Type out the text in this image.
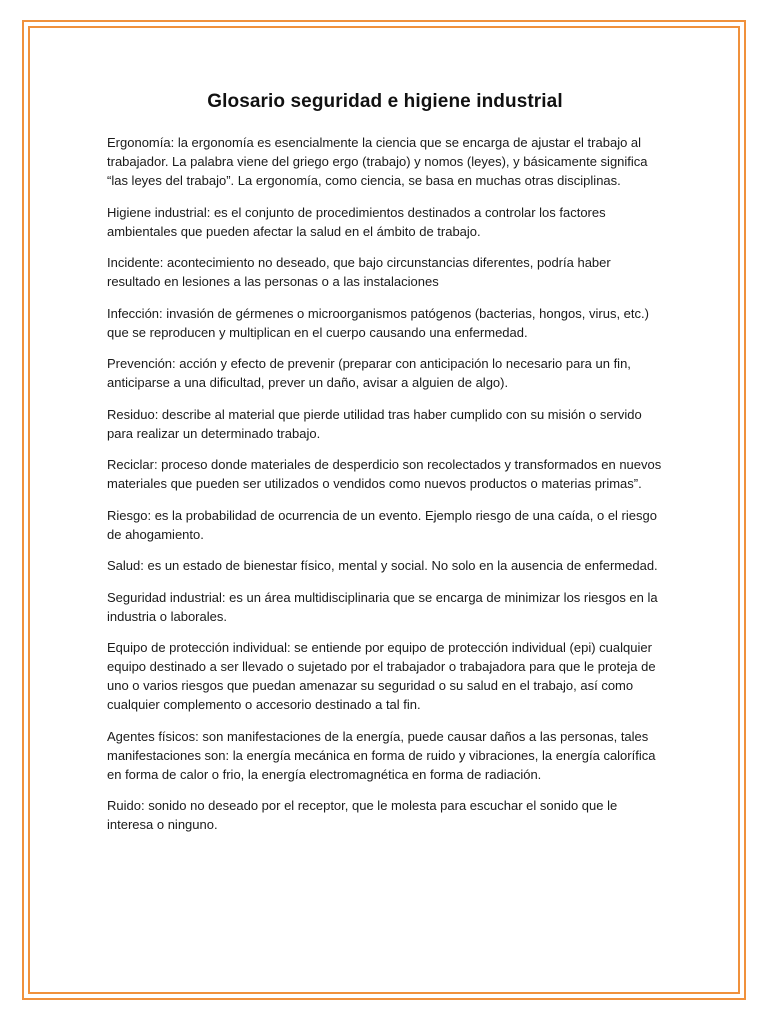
Glosario seguridad e higiene industrial

Ergonomía: la ergonomía es esencialmente la ciencia que se encarga de ajustar el trabajo al trabajador. La palabra viene del griego ergo (trabajo) y nomos (leyes), y básicamente significa “las leyes del trabajo”. La ergonomía, como ciencia, se basa en muchas otras disciplinas.

Higiene industrial: es el conjunto de procedimientos destinados a controlar los factores ambientales que pueden afectar la salud en el ámbito de trabajo.

Incidente: acontecimiento no deseado, que bajo circunstancias diferentes, podría haber resultado en lesiones a las personas o a las instalaciones

Infección: invasión de gérmenes o microorganismos patógenos (bacterias, hongos, virus, etc.) que se reproducen y multiplican en el cuerpo causando una enfermedad.

Prevención: acción y efecto de prevenir (preparar con anticipación lo necesario para un fin, anticiparse a una dificultad, prever un daño, avisar a alguien de algo).

Residuo: describe al material que pierde utilidad tras haber cumplido con su misión o servido para realizar un determinado trabajo.

Reciclar: proceso donde materiales de desperdicio son recolectados y transformados en nuevos materiales que pueden ser utilizados o vendidos como nuevos productos o materias primas”.

Riesgo: es la probabilidad de ocurrencia de un evento. Ejemplo riesgo de una caída, o el riesgo de ahogamiento.

Salud: es un estado de bienestar físico, mental y social. No solo en la ausencia de enfermedad.

Seguridad industrial: es un área multidisciplinaria que se encarga de minimizar los riesgos en la industria o laborales.

Equipo de protección individual: se entiende por equipo de protección individual (epi) cualquier equipo destinado a ser llevado o sujetado por el trabajador o trabajadora para que le proteja de uno o varios riesgos que puedan amenazar su seguridad o su salud en el trabajo, así como cualquier complemento o accesorio destinado a tal fin.

Agentes físicos: son manifestaciones de la energía, puede causar daños a las personas, tales manifestaciones son: la energía mecánica en forma de ruido y vibraciones, la energía calorífica en forma de calor o frio, la energía electromagnética en forma de radiación.

Ruido: sonido no deseado por el receptor, que le molesta para escuchar el sonido que le interesa o ninguno.
